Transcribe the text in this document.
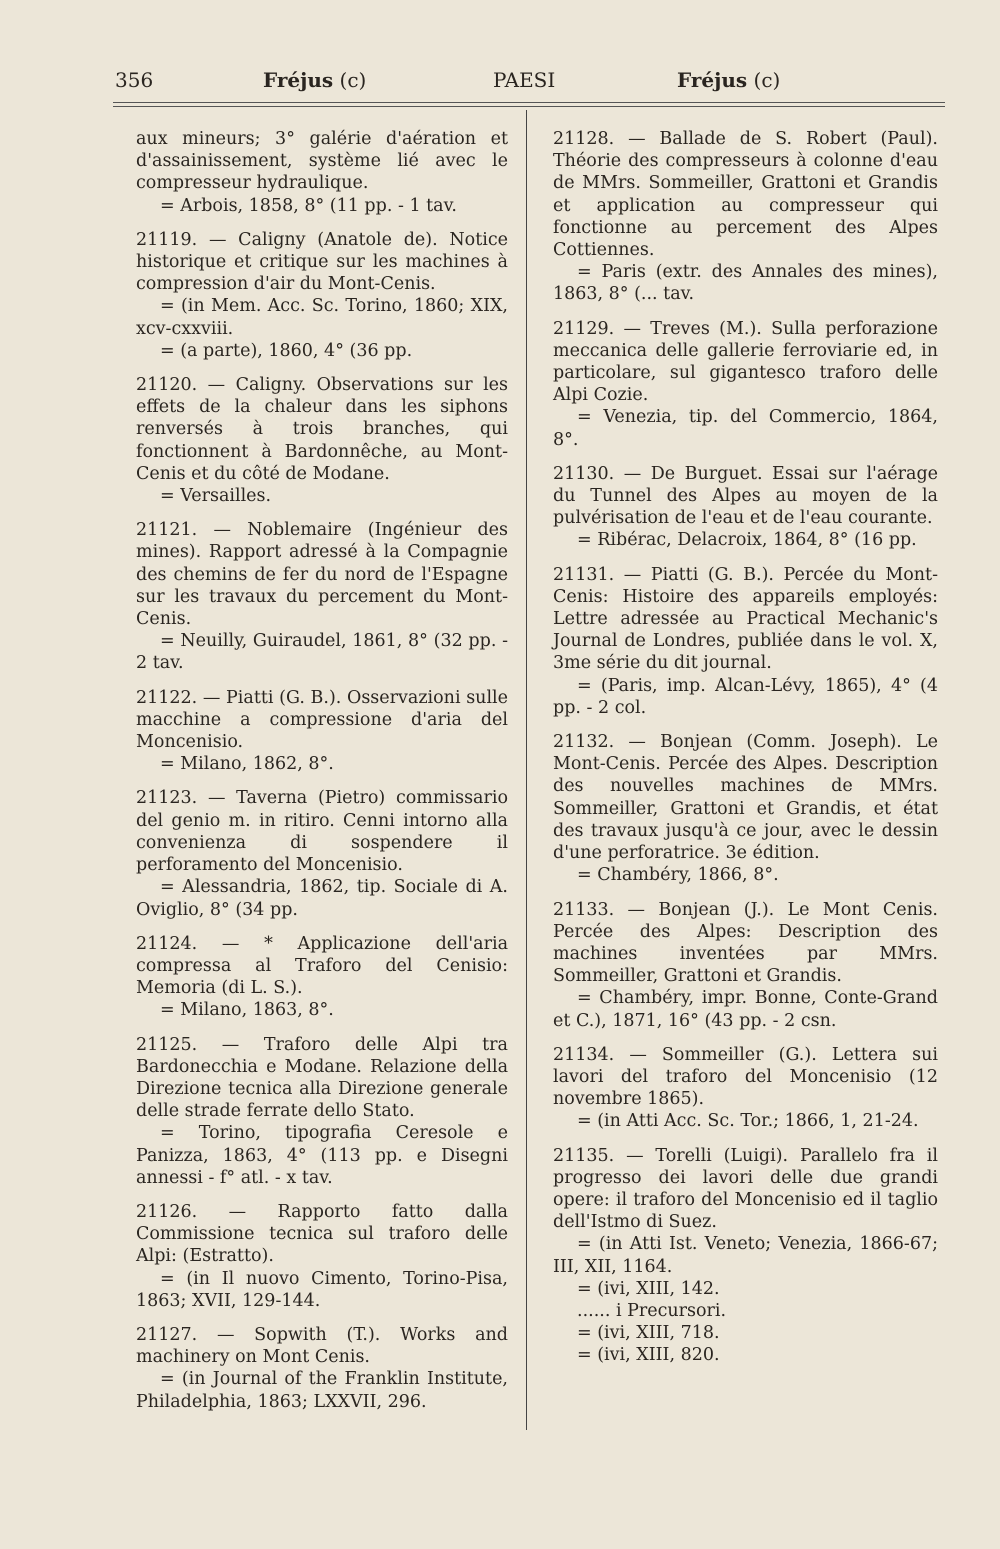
356	Fréjus (c)	PAESI	Fréjus (c)

aux mineurs; 3° galérie d'aération et d'assainissement, système lié avec le compresseur hydraulique.

= Arbois, 1858, 8° (11 pp. - 1 tav.

21119. — Caligny (Anatole de). Notice historique et critique sur les machines à compression d'air du Mont-Cenis.

= (in Mem. Acc. Sc. Torino, 1860; XIX, xcv-cxxviii.

= (a parte), 1860, 4° (36 pp.

21120. — Caligny. Observations sur les effets de la chaleur dans les siphons renversés à trois branches, qui fonctionnent à Bardonnêche, au Mont-Cenis et du côté de Modane.

= Versailles.

21121. — Noblemaire (Ingénieur des mines). Rapport adressé à la Compagnie des chemins de fer du nord de l'Espagne sur les travaux du percement du Mont-Cenis.

= Neuilly, Guiraudel, 1861, 8° (32 pp. - 2 tav.

21122. — Piatti (G. B.). Osservazioni sulle macchine a compressione d'aria del Moncenisio.

= Milano, 1862, 8°.

21123. — Taverna (Pietro) commissario del genio m. in ritiro. Cenni intorno alla convenienza di sospendere il perforamento del Moncenisio.

= Alessandria, 1862, tip. Sociale di A. Oviglio, 8° (34 pp.

21124. — * Applicazione dell'aria compressa al Traforo del Cenisio: Memoria (di L. S.).

= Milano, 1863, 8°.

21125. — Traforo delle Alpi tra Bardonecchia e Modane. Relazione della Direzione tecnica alla Direzione generale delle strade ferrate dello Stato.

= Torino, tipografia Ceresole e Panizza, 1863, 4° (113 pp. e Disegni annessi - f° atl. - x tav.

21126. — Rapporto fatto dalla Commissione tecnica sul traforo delle Alpi: (Estratto).

= (in Il nuovo Cimento, Torino-Pisa, 1863; XVII, 129-144.

21127. — Sopwith (T.). Works and machinery on Mont Cenis.

= (in Journal of the Franklin Institute, Philadelphia, 1863; LXXVII, 296.

21128. — Ballade de S. Robert (Paul). Théorie des compresseurs à colonne d'eau de MMrs. Sommeiller, Grattoni et Grandis et application au compresseur qui fonctionne au percement des Alpes Cottiennes.

= Paris (extr. des Annales des mines), 1863, 8° (... tav.

21129. — Treves (M.). Sulla perforazione meccanica delle gallerie ferroviarie ed, in particolare, sul gigantesco traforo delle Alpi Cozie.

= Venezia, tip. del Commercio, 1864, 8°.

21130. — De Burguet. Essai sur l'aérage du Tunnel des Alpes au moyen de la pulvérisation de l'eau et de l'eau courante.

= Ribérac, Delacroix, 1864, 8° (16 pp.

21131. — Piatti (G. B.). Percée du Mont-Cenis: Histoire des appareils employés: Lettre adressée au Practical Mechanic's Journal de Londres, publiée dans le vol. X, 3me série du dit journal.

= (Paris, imp. Alcan-Lévy, 1865), 4° (4 pp. - 2 col.

21132. — Bonjean (Comm. Joseph). Le Mont-Cenis. Percée des Alpes. Description des nouvelles machines de MMrs. Sommeiller, Grattoni et Grandis, et état des travaux jusqu'à ce jour, avec le dessin d'une perforatrice. 3e édition.

= Chambéry, 1866, 8°.

21133. — Bonjean (J.). Le Mont Cenis. Percée des Alpes: Description des machines inventées par MMrs. Sommeiller, Grattoni et Grandis.

= Chambéry, impr. Bonne, Conte-Grand et C.), 1871, 16° (43 pp. - 2 csn.

21134. — Sommeiller (G.). Lettera sui lavori del traforo del Moncenisio (12 novembre 1865).

= (in Atti Acc. Sc. Tor.; 1866, 1, 21-24.

21135. — Torelli (Luigi). Parallelo fra il progresso dei lavori delle due grandi opere: il traforo del Moncenisio ed il taglio dell'Istmo di Suez.

= (in Atti Ist. Veneto; Venezia, 1866-67; III, XII, 1164.

= (ivi, XIII, 142.

...... i Precursori.

= (ivi, XIII, 718.

= (ivi, XIII, 820.
